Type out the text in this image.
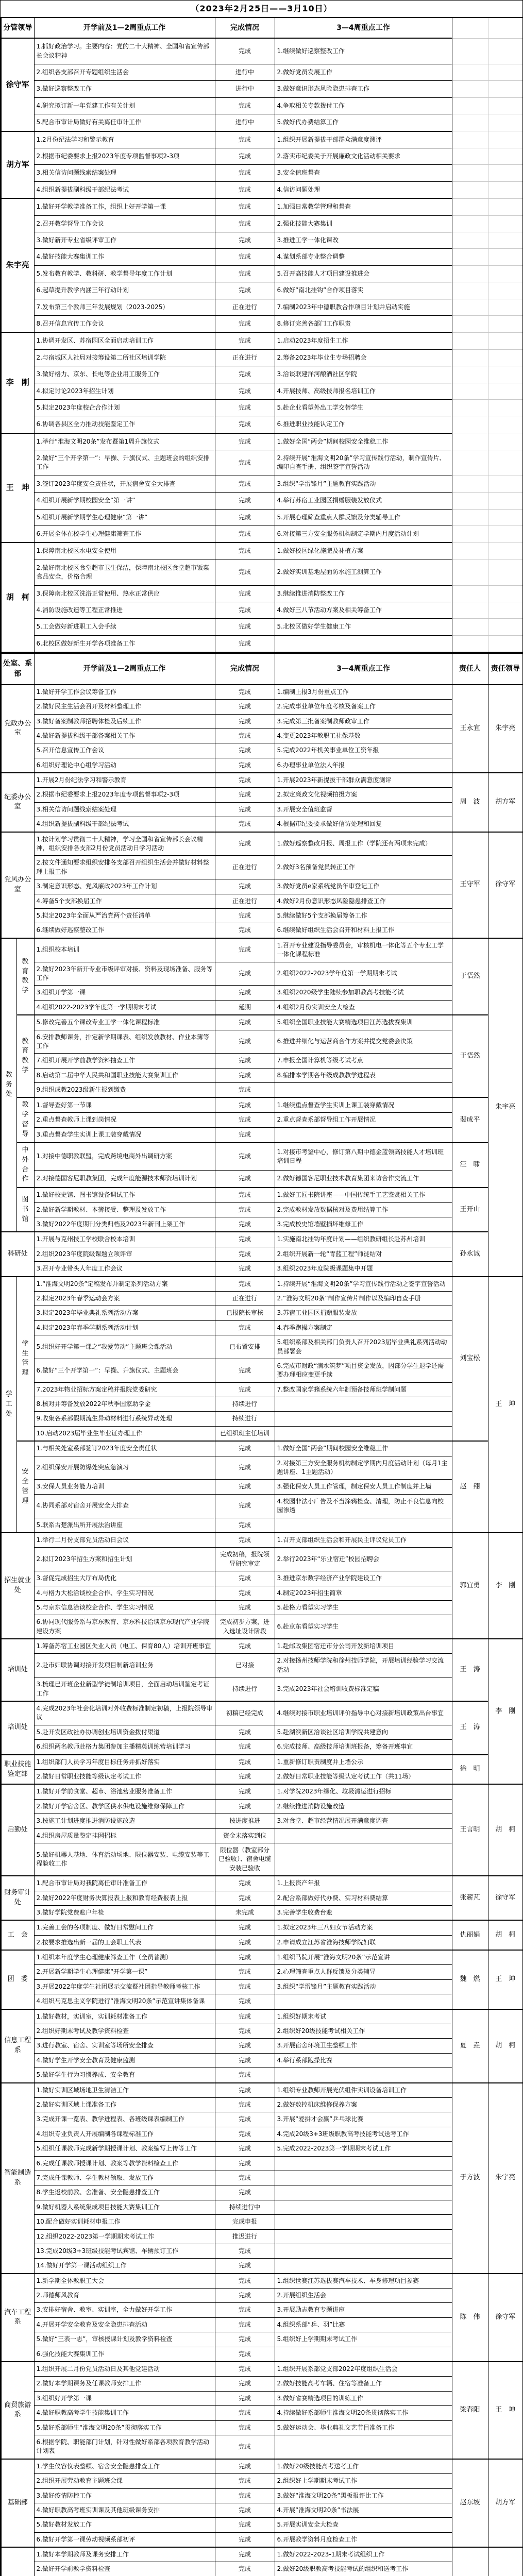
（2023年2月25日——3月10日）
分管领导	开学前及1—2周重点工作	完成情况	3—4周重点工作		
徐守军	1.抓好政治学习。主要内容：党的二十大精神、全国和省宣传部长会议精神	完成	1.继续做好巡察整改工作		
	2.组织各支部召开专题组织生活会	进行中	2.做好党员发展工作		
	3.做好巡察整改工作	进行中	3.做好意识形态风险隐患排查工作		
	4.研究拟订新一年党建工作有关计划	完成	4.争取相关专款拨付工作		
	5.配合市审计局做好有关离任审计工作	进行中	5.做好代办费结算工作		
胡方军	1.2月份纪法学习和警示教育	完成	1.组织开展新提拔干部群众满意度测评		
	2.根据市纪委要求上报2023年度专项监督事项2-3项	完成	2.落实市纪委关于开展廉政文化活动相关要求		
	3.相关信访问题线索结案处理	完成	3.安全值班督查		
	4.组织新提拔副科级干部纪法考试	完成	4.信访问题处理		
朱宇亮	1.做好开学教学准备工作，组织上好开学第一课	完成	1.加强日常教学管理和督查		
	2.召开教学督导工作会议	完成	2.强化技能大赛集训		
	3.做好新开专业省级评审工作	完成	3.推进工学一体化课改		
	4.做好技能大赛集训工作	完成	4.谋划系部专业整合调整		
	5.发布教育教学、教科研、教学督导年度工作计划	完成	5.召开高技能人才项目建设推进会		
	6.起草提升教学内涵三年行动计划	完成	6.做好“南北挂钩”合作项目落实		
	7.发布第三个教师三年发展规划（2023-2025）	正在进行	7.编制2023年中德职教合作项目计划并启动实施		
	8.召开信息宣传工作会议	完成	8.修订完善各部门工作职责		
李　刚	1.协调开发区、苏宿园区全面启动培训工作	完成	1.启动2023年度招生工作		
	2.与宿城区人社局对接筹设第二所社区培训学院	正在进行	2.筹备2023年毕业生专场招聘会		
	3.做好格力、京东、长电等企业用工服务工作	完成	3.洽谈联建洋河酿酒社区学院		
	4.拟定讨论2023年招生计划	完成	4.开展技师、高级技师报名培训工作		
	5.拟定2023年度校企合作计划	完成	5.赴企业看望外出工学交替学生		
	6.协调各县区全力推动技能鉴定工作	完成	6.推进职业技能认定工作		
王　坤	1.举行“淮海文明20条”发布暨第1周升旗仪式	完成	1.做好全国“两会”期间校园安全维稳工作		
	2.做好“三个开学第一”：早操、升旗仪式、主题班会的组织安排工作	完成	2.持续开展“淮海文明20条”学习宣传践行活动，制作宣传片、编印自查手册、组织签字宣誓活动		
	3.签订2023年度安全责任状，开展宿舍安全大排查	完成	3.组织“学雷锋月”主题教育实践活动		
	4.组织开展新学期校园安全“第一讲”	完成	4.举行苏宿工业园区捐赠服装发放仪式		
	5.组织开展新学期学生心理健康“第一讲”	完成	5.开展心理筛查重点人群反馈及分类辅导工作		
	6.开展全体在校学生心理健康筛查工作	完成	6.对接第三方安全服务机构制定学期内月度活动计划		
胡　柯	1.保障南北校区水电安全使用	完成	1.做好校区绿化施肥及补植方案		
	2.做好南北校区食堂超市卫生保洁，保障南北校区食堂超市饭菜食品安全，价格合理	完成	2.做好实训基地屋面防水施工测算工作		
	3.保障南北校区洗浴正常使用、热水正常供应	完成	3.继续推进消防整改工作		
	4.消防设施改造等工程正常推进	完成	4.做好三八节活动方案及相关筹备工作		
	5.工会做好新进职工入会手续	完成	5.北校区做好学生健康工作		
	6.北校区做好新生开学各项准备工作	完成			
处室、系部		开学前及1—2周重点工作	完成情况	3—4周重点工作	责任人	责任领导
党政办公室		1.做好开学工作会议筹备工作	完成	1.编制上报3月份重点工作	王永宜	朱宇亮
		2.做好民主生活会召开及材料整理工作	完成	2.完成事业单位年度考核及备案工作		
		3.做好备案制教师招聘体检及后续工作	完成	3.完成第三批备案制教师政审工作		
		4.做好新提拔科级干部备案相关工作	完成	4.变更2023年教职工社保基数		
		5.召开信息宣传工作会议	完成	5.完成2022年机关事业单位工资年报		
		6.组织好理论中心组学习活动	完成	6.办理事业单位法人年报		
纪委办公室		1.开展2月份纪法学习和警示教育	完成	1.开展2023年新提拔干部群众满意度测评	周　波	胡方军
		2.根据市纪委要求上报2023年度专项监督事项2-3项	完成	2.拟定廉政文化视频拍摄方案		
		3.相关信访问题线索结案处理	完成	3.开展安全值班监督		
		4.组织新提拔副科级干部纪法考试	完成	4.根据市纪委要求做好信访处理和回复		
党风办公室		1.按计划学习贯彻二十大精神，学习全国和省宣传部长会议精神，组织安排各支部2月份党员活动日学习活动	完成	1.做好巡察整改月报、周报工作（学院还有两项未完成）	王守军	徐守军
		2.按文件通知要求组织安排各支部召开组织生活会并做好材料整理上报工作	正在进行	2.做好3名预备党员转正工作		
		3.制定意识形态、党风廉政2023年工作计划	完成	3.做好党员e家系统党员年审登记工作		
		4.筹备5个支部换届工作	正在进行	4.做好2月份意识形态风险隐患排查工作		
		5.拟定2023年全面从严治党两个责任清单	完成	5.继续做好5个支部换届筹备工作		
		6.继续做好巡察整改工作	完成	6.继续做好组织生活会召开和材料上报工作		
教务处	教育教学	1.组织校本培训	完成	1.召开专业建设指导委员会，审核机电一体化等五个专业工学一体化课程标准	于悟然	朱宇亮
		2.做好2023年新开专业市级评审对接、资料及现场准备、服务等工作	完成	2.组织2022-2023学年度第一学期期末考试		
		3.组织开学第一课	完成	3.组织2020级学生陆续参加职教高考技能考试		
		4.组织2022-2023学年度第一学期期末考试	延期	4.组织2月份实训安全大检查		
	教育教学	5.修改完善五个课改专业工学一体化课程标准	完成	5.组织全国职业技能大赛精选项目江苏选拔赛集训	于悟然	
		6.安排教师课务，排定新学期课表、组织发放教材、作业本簿等工作	完成	6.推进并细化与运营商合作方案并提交党委会决策		
		7.组织开展开学前教学资料抽查工作	完成	7.申报全国计算机等级考试考点		
		8.启动第二届中华人民共和国职业技能大赛集训工作	完成	8.编排本学期各年级成教教学进程表		
		9.组织成教2023级新生报到缴费	完成			
	教学督导	1.督导查好第一节课	完成	1.继续重点督查学生实训上课工装穿戴情况	裴成平	
		2.重点督查教师上课到岗情况	完成	2.重点督查系部督导组工作开展情况		
		3.重点督查学生实训上课工装穿戴情况	完成			
	中外合作	1.对接中德职教联盟，完成跨境电商外出调研方案	完成	1.对接市考鉴中心，修订第八期中德金蓝领高技能人才培训班培训日程	汪　啸	
		2.对接德国客尼职教集团，完成年度能源技术师资培训计划	完成	2.做好德国客尼职业技术教育集团来访合作交流工作		
	图书馆	1.做好校史馆、图书馆设备调试工作	完成	1.做好工匠书院讲座——中国传统手工艺鉴赏相关工作	王开山	
		2.做好新学期教材、本簿接受、整理及发放工作	完成	2.完成教材发放数据核对及费用结算工作		
		3.做好2022年度期刊分类归档及2023年新刊上架工作	完成	3.完成校史馆墙壁损坏维修工作		
科研处		1.开展与克州技工学校联合校本培训	完成	1.实施南北挂钩年度计划——组织教研组长赴苏州培训	孙永诚	
		2.组织2023年度院级课题立项评审	完成	2.组织开展新一轮“青蓝工程”师徒结对		
		3.召开专业带头人年度工作会议	完成	3.组织2023年度院级课题集中开题		
学工处	学生管理	1.“淮海文明20条”定稿发布并制定系列活动方案	完成	1.持续开展“淮海文明20条”学习宣传践行活动之签字宣誓活动	刘宝松	王　坤
		2.拟定2023年春季运动会方案	正在进行	2.“淮海文明20条”制作宣传片制作以及编印自查手册		
		3.拟定2023年毕业典礼系列活动方案	已报院长审核	3.苏宿工业园区捐赠服装发放		
		4.拟定2023年春季学期系列活动计划	完成	4.春季跑操方案制定		
		5.组织好开学第一课之“我爱劳动”主题班会课活动	已布置安排	5.组织系部及相关部门负责人召开2023届毕业典礼系列活动动员部署会		
		6.做好“三个开学第一”：早操、升旗仪式、主题班会	完成	6.完成市财政“滴水筑梦”项目资金发放，因部分学生退学还需要办理相应变更手续		
		7.2023年物业招标方案定稿并报院党委研究	完成	7.整改国家学籍系统六年制预备技师班学制问题		
		8.核对并筹备发放2022年秋季国家助学金	持续进行			
		9.收集各系部假期流生异动材料进行系统异动处理	持续进行			
		10.启动2023届毕业生毕业证办理工作	已组织班主任培训			
	安全管理	1.与相关处室系部签订2023年度安全责任状	完成	1.做好全国“两会”期间校园安全维稳工作	赵　翔	
		2.组织保安开展防爆处突应急演习	完成	2.对接第三方安全服务机构制定学期内月度活动计划（每月1主题讲座、1主题活动）		
		3.安保人员业务能力培训	完成	3.强化保安人员工作管理，制定保安人员工作制度并上墙		
		4.协同系部对宿舍开展安全大排查	完成	4.校园非法小广告及不当涂鸦检查、清理，防止不良信息向校园渗透		
		5.联系古楚派出所开展法治讲座	完成			
招生就业处		1.举行二月份支部党员活动日会议	完成	1.召开支部组织生活会和开展民主评议党员工作	郭宜勇	李　刚
		2.拟订2023年招生方案和招生计划	完成初稿，报院领导研究审定	2.举行2023年“乐业宿迁”校园招聘会		
		3.督促完成招生大厅布局优化	完成	3.推进京东数字经济产业学院建设工作		
		4.与格力大松洽谈校企合作、学生实习情况	完成	4.制定2023年招生简章		
		5.与京东信息洽谈校企合作、学生实习情况	完成	5.赴格力看望实习学生		
		6.协同现代服务系与京东教育、京东科技洽谈京东现代产业学院建设方案	完成初步方案，进入选址设计阶段	6.赴京东看望实习学生		
培训处		1.筹备苏宿工业园区失业人员（电工、保育80人）培训开班事宜	完成	1.赴邮政集团宿迁市分公司开发新培训项目	王　涛	李　刚
		2.赴市妇联协调对接开发项目制新培训业务	已对接	2.对接扬州技师学院和徐州技师学院，开展培训经验学习交流活动		
		3.梳理已开班企业新型学徒制培训项目，全面启动培训鉴定考证工作	持续进行	3.完成2023年社会培训收费标准定稿		
培训处		4.完成2023年社会化培训对外收费标准制定初稿，上报院领导审议	初稿已经完成	4.继续对接市职业培训评价指导中心对接新培训政策出台事宜	王　涛	
		5.赴开发区政社办协调创业培训资金拨付渠道	完成	5.赴湖滨新区洽谈社区培训学院共建意向		
		6.组织两名教师赴格力集团参加主播精英训练营培训学习	完成	6.完成技师、高级技师培训班报备，筹备开班事宜		
职业技能鉴定部		1.组织部门人员学习年度目标任务并抓好落实	完成	1.重新修订职责制度并上墙公示	徐　明	
		2.做好日常职业技能等级认定考试工作	完成	2.做好日常职业技能等级认定考试工作（共11场）		
后勤处		1.做好开学前食堂、超市、浴池营业服务准备工作	完成	1.对学院2023年绿化、垃圾清运进行招标	王言明	胡　柯
		2.做好开学宿舍区、教学区供水供电设施维修保障工作	完成	2.继续推进消防设施改造		
		3.按施工计划进度推进消防设施改造	按进度推进	3.对食堂、超市经营情况展开满意度调查		
		4.组织房屋质量鉴定挂网招标	资金未落实到位			
		5.做好机器人基地、体育活动场地、限位器安装、电缆安装等工程验收工作	限位器（教室部分已验收）、宿舍电缆安装已验收			
财务审计处		1.配合市审计局对我院离任审计准备工作	完成	1.上报资产年报	张薪芃	徐守军
		2.做好2022年度财务决算报表上报和教育经费报表上报	完成	2.配合系部做好代办费、实习材料费结算		
		3.做好学院党费账户年检	未完成	3.完善学生收费台账		
工　会		1.完善工会的各项制度、做好日常慰问工作	完成	1.拟定2023年三八妇女节活动方案	仇丽娟	胡　柯
		2.按要求推选出新一届的工会职工代表	完成	2.申请成立江苏省淮海技师学院妇联		
团　委		1.组织本年度学生心理健康筛查工作（全员普测）	完成	1.组织马院开展“淮海文明20条”示范宣讲	魏　燃	王　坤
		2.开展新学期学生心理健康“开学第一课”	完成	2.心理筛查重点人群反馈及分类辅导		
		3.开展2022年度学生社团展示交流暨社团指导教师考核工作	完成	3.组织“学雷锋月”主题教育实践活动		
		4.组织马克思主义学院进行“淮海文明20条”示范宣讲集体备课	完成			
信息工程系		1.做好教材，实训室，实训耗材准备工作	完成	1.组织好期末考试	夏　垚	胡　柯
		2.组织好期末考试及教学资料检查	完成	2.组织好20级技能考试相关工作		
		3.进行教室、宿舍、实训室等场所安全排查	完成	3.开展宿舍环境卫生整顿工作		
		4.做好学生开学安全教育及健康监测	完成	4.举行系部跑操比赛		
		5.做好学生行为习惯养成、安全教育	完成			
智能制造系		1.做好实训区域场地卫生清洁工作	完成	1.组织专业教师开展光伏组件实训设备培训工作	于方波	朱宇亮
		2.做好实训区域上课准备工作	完成	2.做好数控机床维修保养方案		
		3.完成开课一览表、教学进程表、各班级课表编制工作	完成	3.开展“爱拼才会赢”乒乓球比赛		
		4.组织专业负责人开展编制各课程标准工作	完成	4.完成20级3+3班级职教高考技能考试送考工作		
		5.组织任课教师完成新学期授课计划、教案编写上传等工作	完成	5.完成2022-2023第一学期期末考试工作		
		6.完成任课教师授课计划、教案等教学资料检查工作	完成			
		7.完成任课教师、学生教材领取、发放工作	完成			
		8.学生返校前教、舍准备、安全隐患排查工作	完成			
		9.做好机器人系统集成项目技能大赛集训工作	持续进行中			
		10.配合做好实训耗材申报工作	完成申报			
		12.组织2022-2023第一学期期末考试工作	推迟进行			
		13.完成20级3+3班级技能考试宾馆、车辆预订工作	完成			
		14.做好开学第一课活动组织工作	完成			
汽车工程系		1.新学期全体教职工大会	完成	1.组织世赛江苏选拔赛汽车技术、车身修理项目参赛	陈　伟	徐守军
		2.师德师风教育	完成	2.开展组织生活会		
		3.安排好宿舍、教室、实训室，全力做好开学工作	完成	3.开展励志教育专题讲座		
		4.开展开学安全教育及安全隐患排查活动	完成	4.组织系部“乒、羽”比赛		
		5.做好“三表一志”，审核授课计划及教学资料检查	完成	5.组织好上学期期末考试工作		
		6.强化技能大赛集训工作	完成			
商贸旅游系		1.组织开展二月份党员活动日及其他党建活动	完成	1.组织开展系部党支部2022年度组织生活会	梁春阳	王　坤
		2.做好本学期课务及任课教师安排工作	完成	2.做好技能高考车辆、住宿等准备工作		
		3.组织好开学第一课	完成	3.做好省赛精选项目的训练工作		
		4.做好职教高考学生技能集训工作	完成	4.持续做好系部师生淮海文明20条贯彻落实工作		
		5.做好系部师生“淮海文明20条”贯彻落实工作	完成	5.做好运动会、毕业典礼文艺节目准备工作		
		6.根据学院、职能部门计划，针对性做好系部各项教育教学活动计划表	完成			
基础部		1.学生仪容仪表整顿、宿舍安全隐患排查工作	完成	1.做好20级技能高考送考工作	赵东坡	胡方军
		2.组织开展劳动教育主题班会课	完成	2.组织好上学期期末考试工作		
		3.做好疫情防控工作	完成	3.做好“淮海文明20条”黑板报评比工作		
		4.做好职教高考班实训课及其他班级课务安排	完成	4.开展“淮海文明20条”书法展		
		5.做好教材发放工作	完成	5.开展实训安全大检查		
		6.做好开学第一课劳动视频系部初评	完成	6.开展教学资料月度检查工作		
	1.做好本学期教师及课务安排工作	完成	1.做好2022-2023-1期末考试组织工作		
		2.做好开学前教学资料检查	完成	2.做好20级职教高考技能考试的组织和送考工作		
